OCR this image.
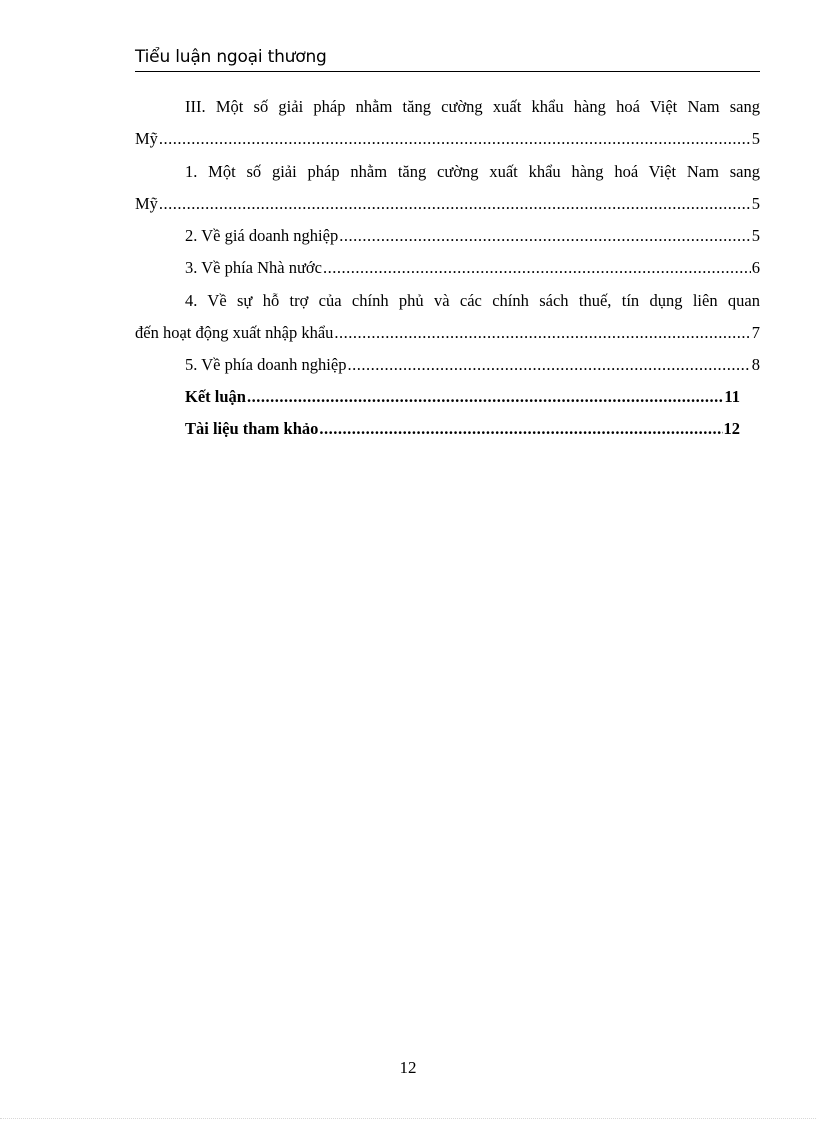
Tiểu luận ngoại thương
III. Một số giải pháp nhằm tăng cường xuất khẩu hàng hoá Việt Nam sang
Mỹ .....	5
1. Một số giải pháp nhằm tăng cường xuất khẩu hàng hoá Việt Nam sang
Mỹ .....	5
2. Về giá doanh nghiệp .....	5
3. Về phía Nhà nước .....	6
4. Về sự hỗ trợ của chính phủ và các chính sách thuế, tín dụng liên quan
đến hoạt động xuất nhập khẩu .....	7
5. Về phía doanh nghiệp .....	8
Kết luận .....	11
Tài liệu tham khảo .....	12
12
